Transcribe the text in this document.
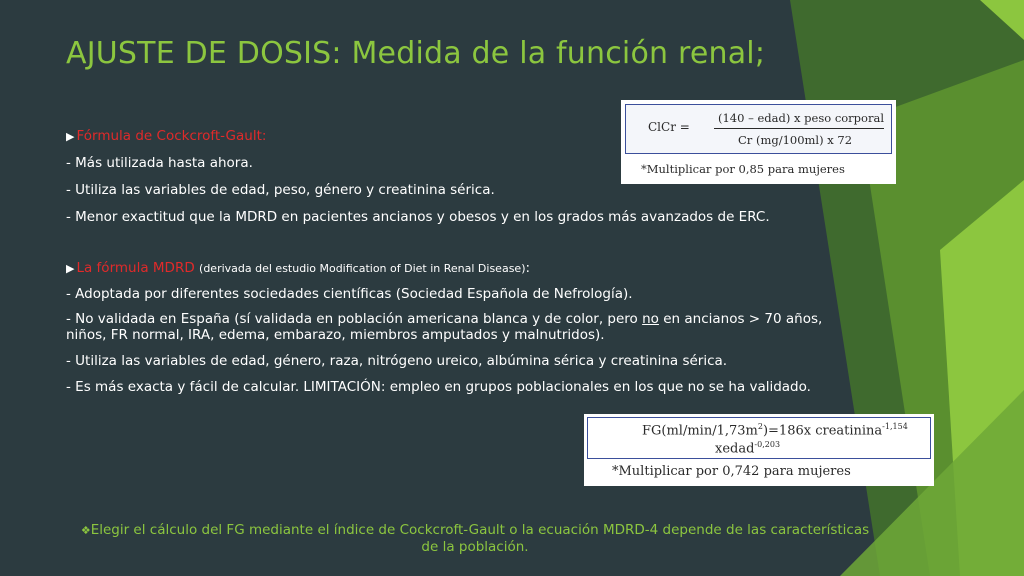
AJUSTE DE DOSIS: Medida de la función renal;
▶ Fórmula de Cockcroft-Gault:
- Más utilizada hasta ahora.
- Utiliza las variables de edad, peso, género y creatinina sérica.
- Menor exactitud que la MDRD en pacientes ancianos y obesos y en los grados más avanzados de ERC.
▶ La fórmula MDRD (derivada del estudio Modification of Diet in Renal Disease):
- Adoptada por diferentes sociedades científicas (Sociedad Española de Nefrología).
- No validada en España (sí validada en población americana blanca y de color, pero no en ancianos > 70 años,
niños, FR normal, IRA, edema, embarazo, miembros amputados y malnutridos).
- Utiliza las variables de edad, género, raza, nitrógeno ureico, albúmina sérica y creatinina sérica.
- Es más exacta y fácil de calcular. LIMITACIÓN: empleo en grupos poblacionales en los que no se ha validado.
ClCr =
(140 – edad) x peso corporal
Cr (mg/100ml) x 72
*Multiplicar por 0,85 para mujeres
$FG(ml/\min/1,73m^2)=186x$ creatinina$^{-1,154}$
xedad$^{-0,203}$
*Multiplicar por 0,742 para mujeres
❖Elegir el cálculo del FG mediante el índice de Cockcroft-Gault o la ecuación MDRD-4 depende de las características de la población.
